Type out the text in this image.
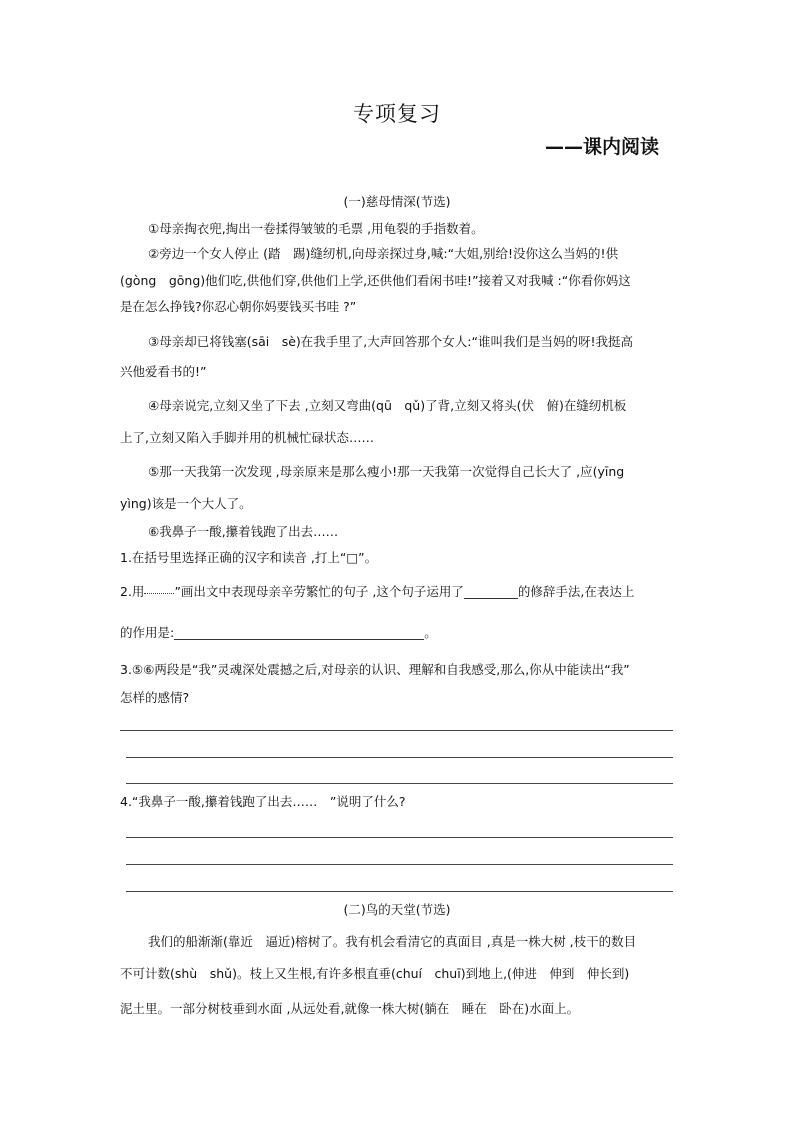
专项复习
——课内阅读
(一)慈母情深(节选)
①母亲掏衣兜,掏出一卷揉得皱皱的毛票 ,用龟裂的手指数着。
②旁边一个女人停止 (踏　踢)缝纫机,向母亲探过身,喊:“大姐,别给!没你这么当妈的!供
(gòng　gōng)他们吃,供他们穿,供他们上学,还供他们看闲书哇!”接着又对我喊 :“你看你妈这
是在怎么挣钱?你忍心朝你妈要钱买书哇 ?”
③母亲却已将钱塞(sāi　sè)在我手里了,大声回答那个女人:“谁叫我们是当妈的呀!我挺高
兴他爱看书的!”
④母亲说完,立刻又坐了下去 ,立刻又弯曲(qū　qǔ)了背,立刻又将头(伏　俯)在缝纫机板
上了,立刻又陷入手脚并用的机械忙碌状态……
⑤那一天我第一次发现 ,母亲原来是那么瘦小!那一天我第一次觉得自己长大了 ,应(yīng
yìng)该是一个大人了。
⑥我鼻子一酸,攥着钱跑了出去……
1.在括号里选择正确的汉字和读音 ,打上“□”。
2.用 ”画出文中表现母亲辛劳繁忙的句子 ,这个句子运用了	的修辞手法,在表达上
的作用是:	。
3.⑤⑥两段是“我”灵魂深处震撼之后,对母亲的认识、理解和自我感受,那么,你从中能读出“我”
怎样的感情?
4.“我鼻子一酸,攥着钱跑了出去……　”说明了什么?
(二)鸟的天堂(节选)
我们的船渐渐(靠近　逼近)榕树了。我有机会看清它的真面目 ,真是一株大树 ,枝干的数目
不可计数(shù　shǔ)。枝上又生根,有许多根直垂(chuí　chuī)到地上,(伸进　伸到　伸长到)
泥土里。一部分树枝垂到水面 ,从远处看,就像一株大树(躺在　睡在　卧在)水面上。
